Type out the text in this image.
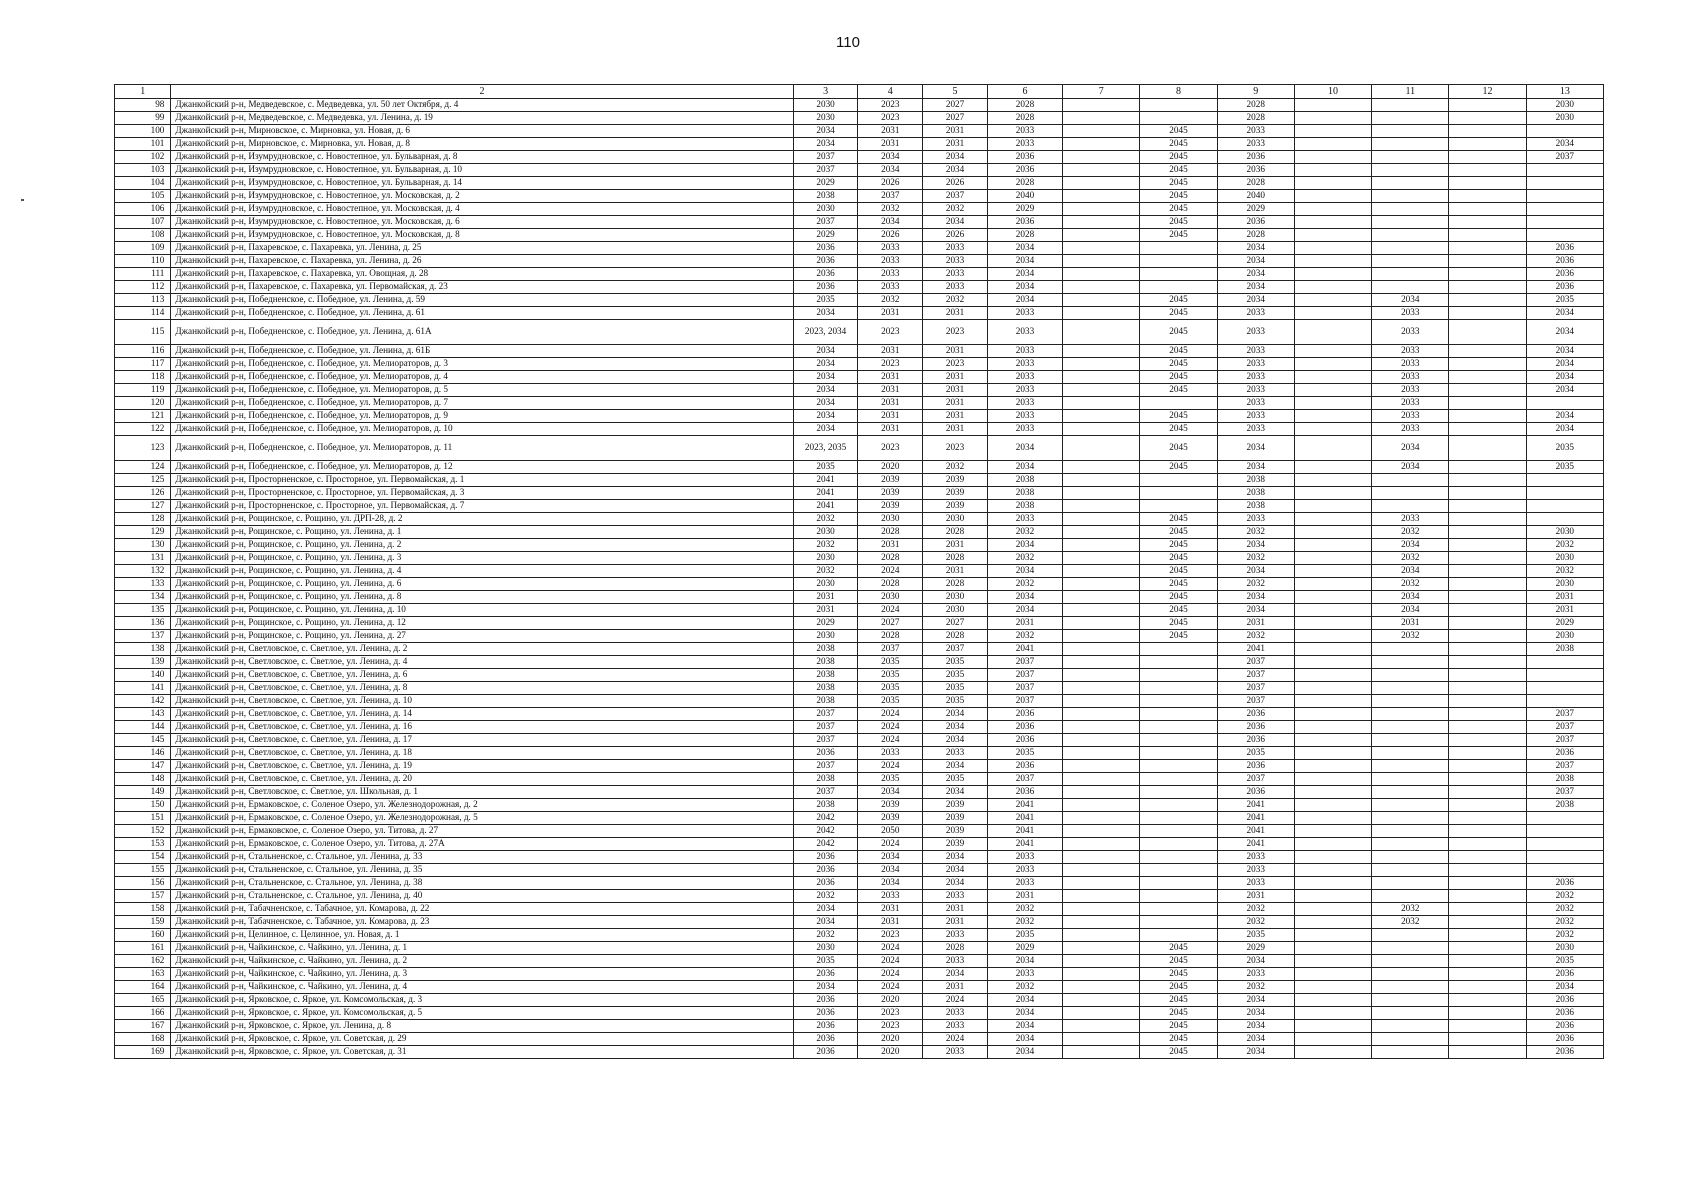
110
1	2	3	4	5	6	7	8	9	10	11	12	13
98	Джанкойский р-н, Медведевское, с. Медведевка, ул. 50 лет Октября, д. 4	2030	2023	2027	2028			2028				2030
99	Джанкойский р-н, Медведевское, с. Медведевка, ул. Ленина, д. 19	2030	2023	2027	2028			2028				2030
100	Джанкойский р-н, Мирновское, с. Мирновка, ул. Новая, д. 6	2034	2031	2031	2033		2045	2033				
101	Джанкойский р-н, Мирновское, с. Мирновка, ул. Новая, д. 8	2034	2031	2031	2033		2045	2033				2034
102	Джанкойский р-н, Изумрудновское, с. Новостепное, ул. Бульварная, д. 8	2037	2034	2034	2036		2045	2036				2037
103	Джанкойский р-н, Изумрудновское, с. Новостепное, ул. Бульварная, д. 10	2037	2034	2034	2036		2045	2036				
104	Джанкойский р-н, Изумрудновское, с. Новостепное, ул. Бульварная, д. 14	2029	2026	2026	2028		2045	2028				
105	Джанкойский р-н, Изумрудновское, с. Новостепное, ул. Московская, д. 2	2038	2037	2037	2040		2045	2040				
106	Джанкойский р-н, Изумрудновское, с. Новостепное, ул. Московская, д. 4	2030	2032	2032	2029		2045	2029				
107	Джанкойский р-н, Изумрудновское, с. Новостепное, ул. Московская, д. 6	2037	2034	2034	2036		2045	2036				
108	Джанкойский р-н, Изумрудновское, с. Новостепное, ул. Московская, д. 8	2029	2026	2026	2028		2045	2028				
109	Джанкойский р-н, Пахаревское, с. Пахаревка, ул. Ленина, д. 25	2036	2033	2033	2034			2034				2036
110	Джанкойский р-н, Пахаревское, с. Пахаревка, ул. Ленина, д. 26	2036	2033	2033	2034			2034				2036
111	Джанкойский р-н, Пахаревское, с. Пахаревка, ул. Овощная, д. 28	2036	2033	2033	2034			2034				2036
112	Джанкойский р-н, Пахаревское, с. Пахаревка, ул. Первомайская, д. 23	2036	2033	2033	2034			2034				2036
113	Джанкойский р-н, Победненское, с. Победное, ул. Ленина, д. 59	2035	2032	2032	2034		2045	2034		2034		2035
114	Джанкойский р-н, Победненское, с. Победное, ул. Ленина, д. 61	2034	2031	2031	2033		2045	2033		2033		2034
115	Джанкойский р-н, Победненское, с. Победное, ул. Ленина, д. 61А	2023, 2034	2023	2023	2033		2045	2033		2033		2034
116	Джанкойский р-н, Победненское, с. Победное, ул. Ленина, д. 61Б	2034	2031	2031	2033		2045	2033		2033		2034
117	Джанкойский р-н, Победненское, с. Победное, ул. Мелиораторов, д. 3	2034	2023	2023	2033		2045	2033		2033		2034
118	Джанкойский р-н, Победненское, с. Победное, ул. Мелиораторов, д. 4	2034	2031	2031	2033		2045	2033		2033		2034
119	Джанкойский р-н, Победненское, с. Победное, ул. Мелиораторов, д. 5	2034	2031	2031	2033		2045	2033		2033		2034
120	Джанкойский р-н, Победненское, с. Победное, ул. Мелиораторов, д. 7	2034	2031	2031	2033			2033		2033		
121	Джанкойский р-н, Победненское, с. Победное, ул. Мелиораторов, д. 9	2034	2031	2031	2033		2045	2033		2033		2034
122	Джанкойский р-н, Победненское, с. Победное, ул. Мелиораторов, д. 10	2034	2031	2031	2033		2045	2033		2033		2034
123	Джанкойский р-н, Победненское, с. Победное, ул. Мелиораторов, д. 11	2023, 2035	2023	2023	2034		2045	2034		2034		2035
124	Джанкойский р-н, Победненское, с. Победное, ул. Мелиораторов, д. 12	2035	2020	2032	2034		2045	2034		2034		2035
125	Джанкойский р-н, Просторненское, с. Просторное, ул. Первомайская, д. 1	2041	2039	2039	2038			2038				
126	Джанкойский р-н, Просторненское, с. Просторное, ул. Первомайская, д. 3	2041	2039	2039	2038			2038				
127	Джанкойский р-н, Просторненское, с. Просторное, ул. Первомайская, д. 7	2041	2039	2039	2038			2038				
128	Джанкойский р-н, Рощинское, с. Рощино, ул. ДРП-28, д. 2	2032	2030	2030	2033		2045	2033		2033		
129	Джанкойский р-н, Рощинское, с. Рощино, ул. Ленина, д. 1	2030	2028	2028	2032		2045	2032		2032		2030
130	Джанкойский р-н, Рощинское, с. Рощино, ул. Ленина, д. 2	2032	2031	2031	2034		2045	2034		2034		2032
131	Джанкойский р-н, Рощинское, с. Рощино, ул. Ленина, д. 3	2030	2028	2028	2032		2045	2032		2032		2030
132	Джанкойский р-н, Рощинское, с. Рощино, ул. Ленина, д. 4	2032	2024	2031	2034		2045	2034		2034		2032
133	Джанкойский р-н, Рощинское, с. Рощино, ул. Ленина, д. 6	2030	2028	2028	2032		2045	2032		2032		2030
134	Джанкойский р-н, Рощинское, с. Рощино, ул. Ленина, д. 8	2031	2030	2030	2034		2045	2034		2034		2031
135	Джанкойский р-н, Рощинское, с. Рощино, ул. Ленина, д. 10	2031	2024	2030	2034		2045	2034		2034		2031
136	Джанкойский р-н, Рощинское, с. Рощино, ул. Ленина, д. 12	2029	2027	2027	2031		2045	2031		2031		2029
137	Джанкойский р-н, Рощинское, с. Рощино, ул. Ленина, д. 27	2030	2028	2028	2032		2045	2032		2032		2030
138	Джанкойский р-н, Светловское, с. Светлое, ул. Ленина, д. 2	2038	2037	2037	2041			2041				2038
139	Джанкойский р-н, Светловское, с. Светлое, ул. Ленина, д. 4	2038	2035	2035	2037			2037				
140	Джанкойский р-н, Светловское, с. Светлое, ул. Ленина, д. 6	2038	2035	2035	2037			2037				
141	Джанкойский р-н, Светловское, с. Светлое, ул. Ленина, д. 8	2038	2035	2035	2037			2037				
142	Джанкойский р-н, Светловское, с. Светлое, ул. Ленина, д. 10	2038	2035	2035	2037			2037				
143	Джанкойский р-н, Светловское, с. Светлое, ул. Ленина, д. 14	2037	2024	2034	2036			2036				2037
144	Джанкойский р-н, Светловское, с. Светлое, ул. Ленина, д. 16	2037	2024	2034	2036			2036				2037
145	Джанкойский р-н, Светловское, с. Светлое, ул. Ленина, д. 17	2037	2024	2034	2036			2036				2037
146	Джанкойский р-н, Светловское, с. Светлое, ул. Ленина, д. 18	2036	2033	2033	2035			2035				2036
147	Джанкойский р-н, Светловское, с. Светлое, ул. Ленина, д. 19	2037	2024	2034	2036			2036				2037
148	Джанкойский р-н, Светловское, с. Светлое, ул. Ленина, д. 20	2038	2035	2035	2037			2037				2038
149	Джанкойский р-н, Светловское, с. Светлое, ул. Школьная, д. 1	2037	2034	2034	2036			2036				2037
150	Джанкойский р-н, Ермаковское, с. Соленое Озеро, ул. Железнодорожная, д. 2	2038	2039	2039	2041			2041				2038
151	Джанкойский р-н, Ермаковское, с. Соленое Озеро, ул. Железнодорожная, д. 5	2042	2039	2039	2041			2041				
152	Джанкойский р-н, Ермаковское, с. Соленое Озеро, ул. Титова, д. 27	2042	2050	2039	2041			2041				
153	Джанкойский р-н, Ермаковское, с. Соленое Озеро, ул. Титова, д. 27А	2042	2024	2039	2041			2041				
154	Джанкойский р-н, Стальненское, с. Стальное, ул. Ленина, д. 33	2036	2034	2034	2033			2033				
155	Джанкойский р-н, Стальненское, с. Стальное, ул. Ленина, д. 35	2036	2034	2034	2033			2033				
156	Джанкойский р-н, Стальненское, с. Стальное, ул. Ленина, д. 38	2036	2034	2034	2033			2033				2036
157	Джанкойский р-н, Стальненское, с. Стальное, ул. Ленина, д. 40	2032	2033	2033	2031			2031				2032
158	Джанкойский р-н, Табачненское, с. Табачное, ул. Комарова, д. 22	2034	2031	2031	2032			2032		2032		2032
159	Джанкойский р-н, Табачненское, с. Табачное, ул. Комарова, д. 23	2034	2031	2031	2032			2032		2032		2032
160	Джанкойский р-н, Целинное, с. Целинное, ул. Новая, д. 1	2032	2023	2033	2035			2035				2032
161	Джанкойский р-н, Чайкинское, с. Чайкино, ул. Ленина, д. 1	2030	2024	2028	2029		2045	2029				2030
162	Джанкойский р-н, Чайкинское, с. Чайкино, ул. Ленина, д. 2	2035	2024	2033	2034		2045	2034				2035
163	Джанкойский р-н, Чайкинское, с. Чайкино, ул. Ленина, д. 3	2036	2024	2034	2033		2045	2033				2036
164	Джанкойский р-н, Чайкинское, с. Чайкино, ул. Ленина, д. 4	2034	2024	2031	2032		2045	2032				2034
165	Джанкойский р-н, Ярковское, с. Яркое, ул. Комсомольская, д. 3	2036	2020	2024	2034		2045	2034				2036
166	Джанкойский р-н, Ярковское, с. Яркое, ул. Комсомольская, д. 5	2036	2023	2033	2034		2045	2034				2036
167	Джанкойский р-н, Ярковское, с. Яркое, ул. Ленина, д. 8	2036	2023	2033	2034		2045	2034				2036
168	Джанкойский р-н, Ярковское, с. Яркое, ул. Советская, д. 29	2036	2020	2024	2034		2045	2034				2036
169	Джанкойский р-н, Ярковское, с. Яркое, ул. Советская, д. 31	2036	2020	2033	2034		2045	2034				2036
